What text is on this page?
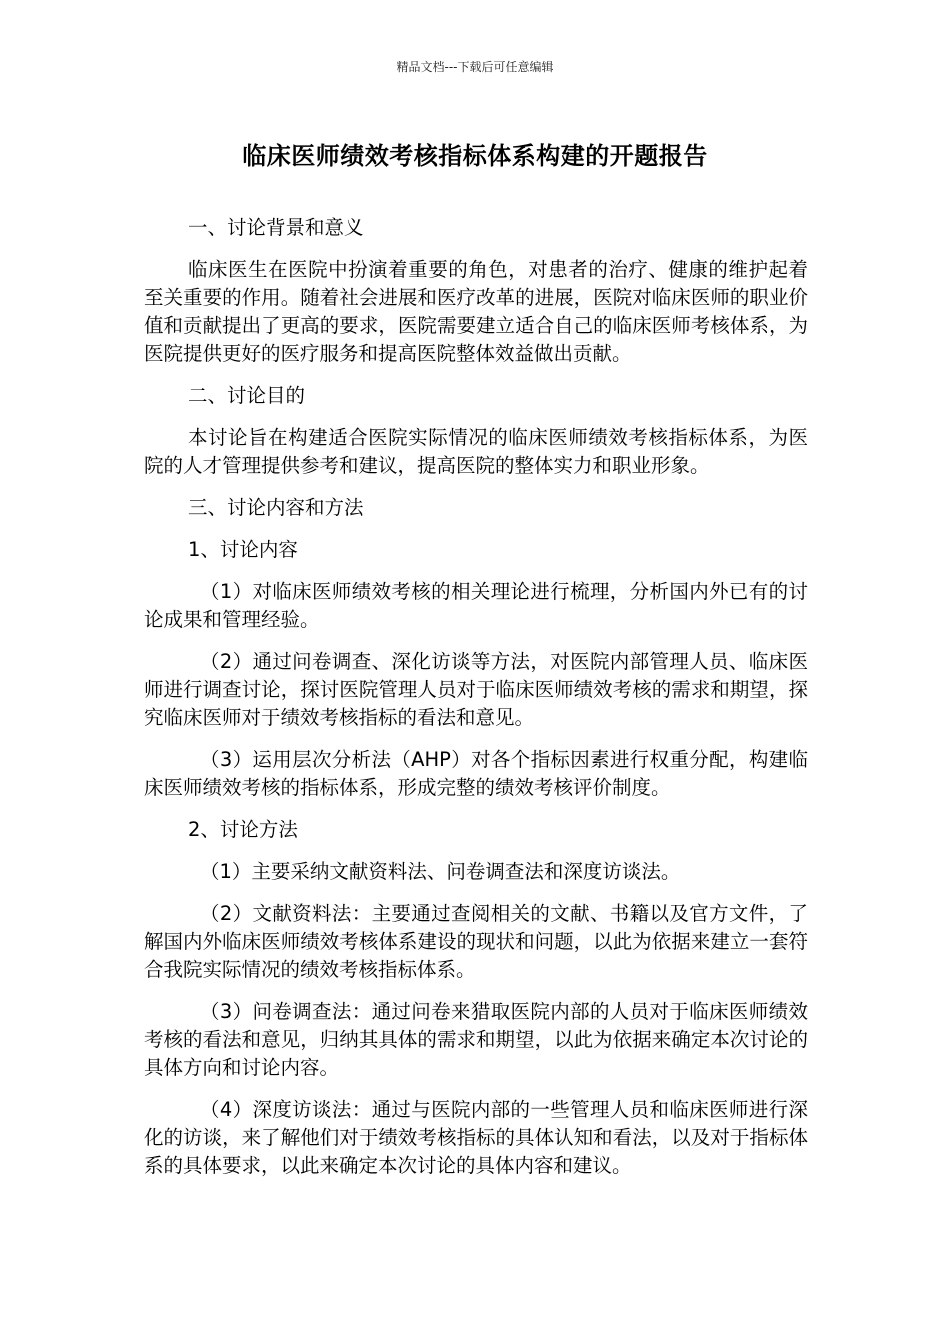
精品文档---下载后可任意编辑
临床医师绩效考核指标体系构建的开题报告

一、讨论背景和意义

临床医生在医院中扮演着重要的角色，对患者的治疗、健康的维护起着至关重要的作用。随着社会进展和医疗改革的进展，医院对临床医师的职业价值和贡献提出了更高的要求，医院需要建立适合自己的临床医师考核体系，为医院提供更好的医疗服务和提高医院整体效益做出贡献。

二、讨论目的

本讨论旨在构建适合医院实际情况的临床医师绩效考核指标体系，为医院的人才管理提供参考和建议，提高医院的整体实力和职业形象。

三、讨论内容和方法

1、讨论内容

（1）对临床医师绩效考核的相关理论进行梳理，分析国内外已有的讨论成果和管理经验。

（2）通过问卷调查、深化访谈等方法，对医院内部管理人员、临床医师进行调查讨论，探讨医院管理人员对于临床医师绩效考核的需求和期望，探究临床医师对于绩效考核指标的看法和意见。

（3）运用层次分析法（AHP）对各个指标因素进行权重分配，构建临床医师绩效考核的指标体系，形成完整的绩效考核评价制度。

2、讨论方法

（1）主要采纳文献资料法、问卷调查法和深度访谈法。

（2）文献资料法：主要通过查阅相关的文献、书籍以及官方文件，了解国内外临床医师绩效考核体系建设的现状和问题，以此为依据来建立一套符合我院实际情况的绩效考核指标体系。

（3）问卷调查法：通过问卷来猎取医院内部的人员对于临床医师绩效考核的看法和意见，归纳其具体的需求和期望，以此为依据来确定本次讨论的具体方向和讨论内容。

（4）深度访谈法：通过与医院内部的一些管理人员和临床医师进行深化的访谈，来了解他们对于绩效考核指标的具体认知和看法，以及对于指标体系的具体要求，以此来确定本次讨论的具体内容和建议。
